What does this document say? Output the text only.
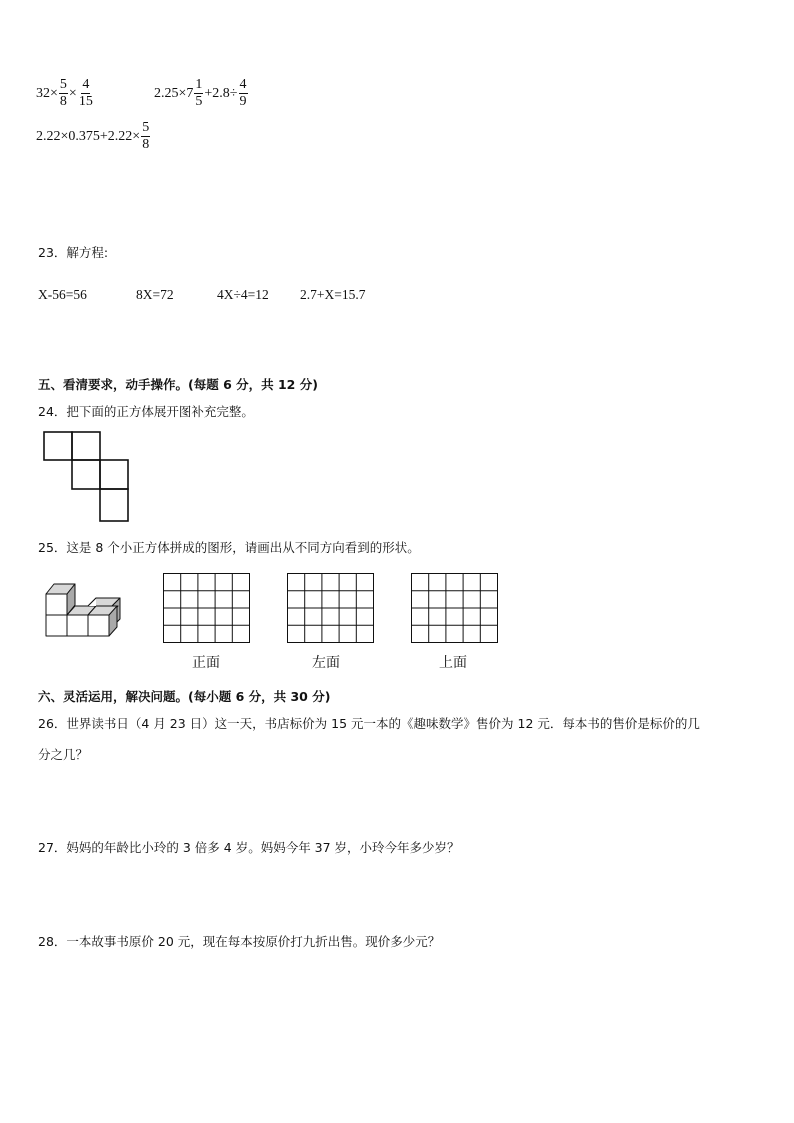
$32\times \frac{5}{8} \times \frac{4}{15}$	$2.25\times 7 \frac{1}{5} +2.8\div \frac{4}{9}$
$2.22\times 0.375+2.22\times \frac{5}{8}$
23．解方程:
X-56=56	8X=72	4X÷4=12 2.7+X=15.7
五、看清要求，动手操作。(每题 6 分，共 12 分)
24．把下面的正方体展开图补充完整。
25．这是 8 个小正方体拼成的图形，请画出从不同方向看到的形状。
正面	左面	上面
六、灵活运用，解决问题。(每小题 6 分，共 30 分)
26．世界读书日（4 月 23 日）这一天，书店标价为 15 元一本的《趣味数学》售价为 12 元．每本书的售价是标价的几
分之几？
27．妈妈的年龄比小玲的 3 倍多 4 岁。妈妈今年 37 岁，小玲今年多少岁？
28．一本故事书原价 20 元，现在每本按原价打九折出售。现价多少元？
